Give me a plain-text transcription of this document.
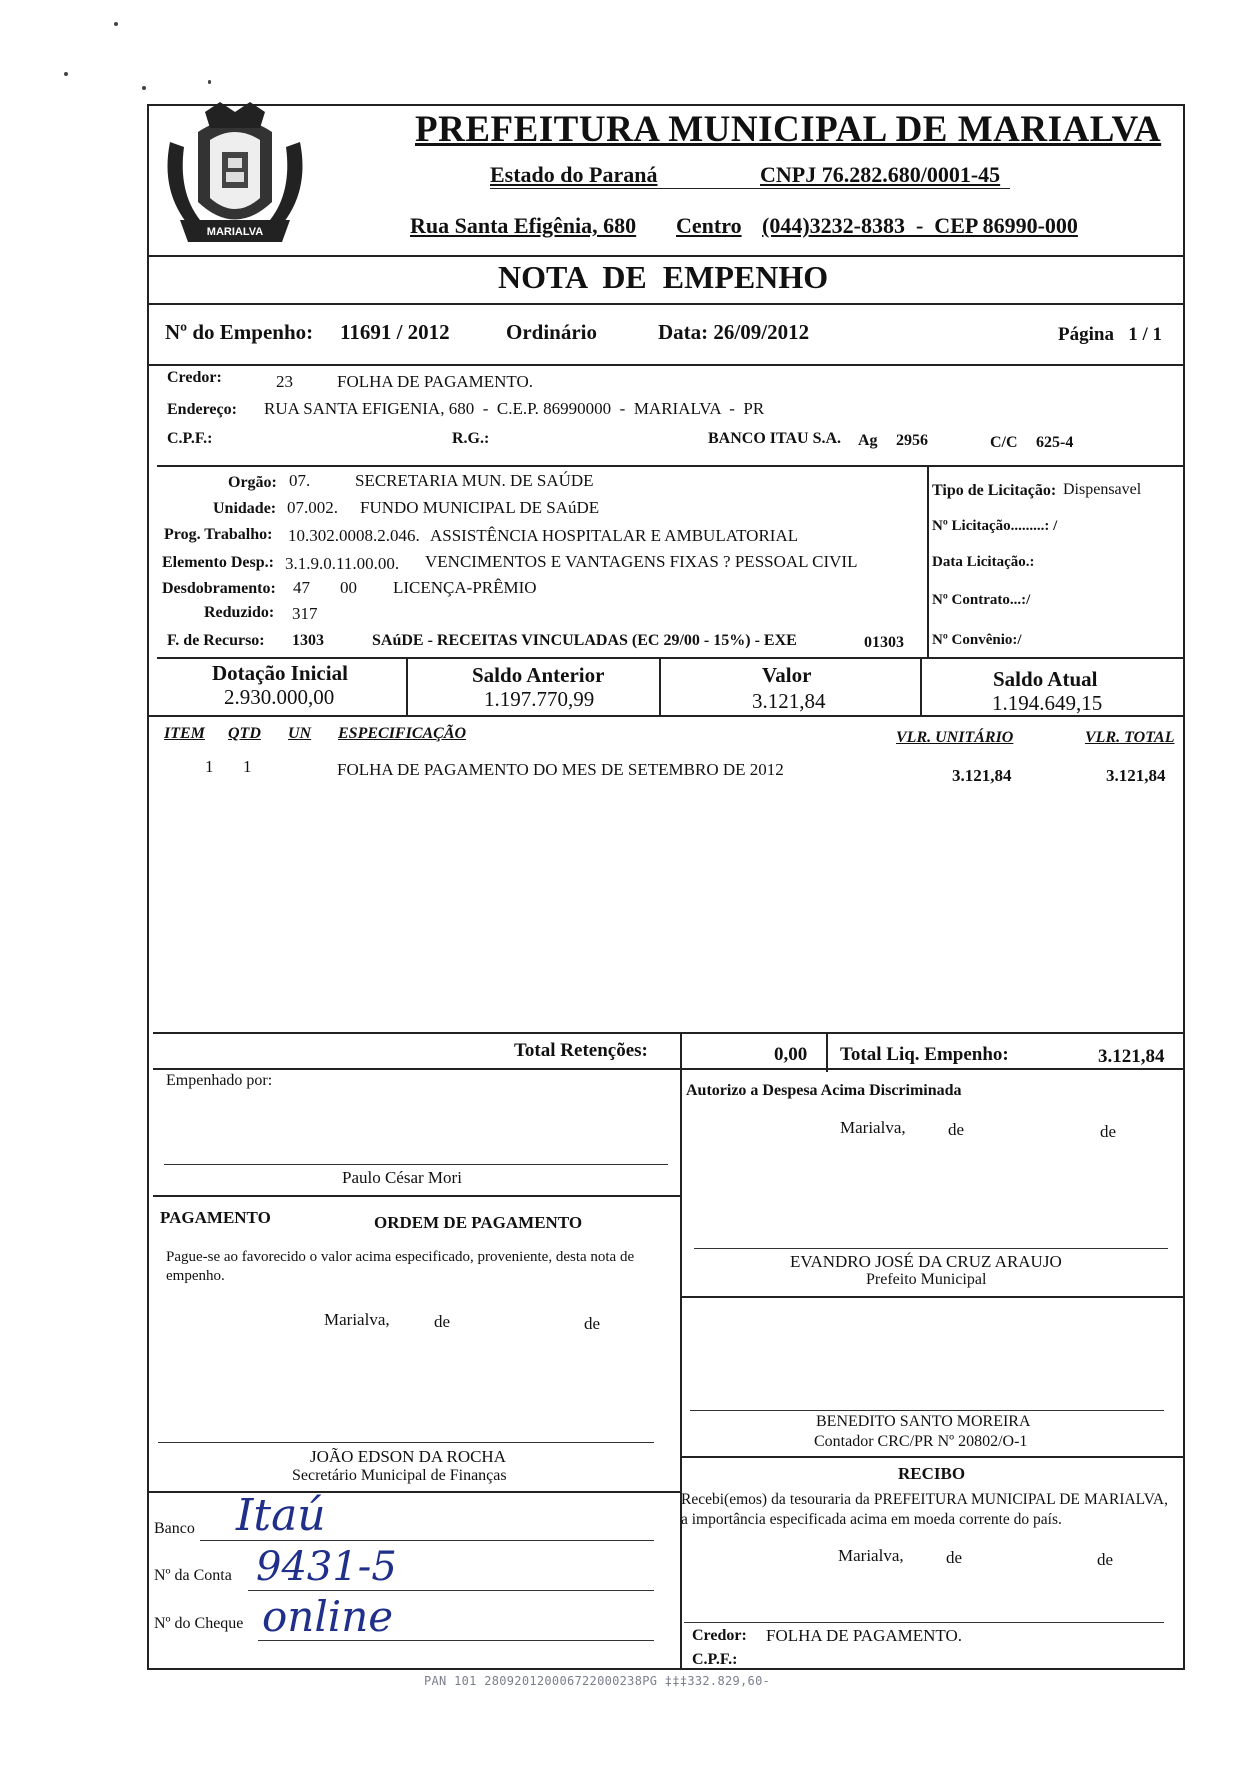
MARIALVA
PREFEITURA MUNICIPAL DE MARIALVA
Estado do Paraná	CNPJ 76.282.680/0001-45
Rua Santa Efigênia, 680 Centro (044)3232-8383  -  CEP 86990-000
NOTA  DE  EMPENHO
Nº do Empenho: 11691 / 2012	Ordinário	Data: 26/09/2012	Página   1 / 1
Credor:	23	FOLHA DE PAGAMENTO.
Endereço: RUA SANTA EFIGENIA, 680  -  C.E.P. 86990000  -  MARIALVA  -  PR
C.P.F.:	R.G.:	BANCO ITAU S.A. Ag 2956	C/C 625-4
Orgão: 07.	SECRETARIA MUN. DE SAÚDE
Unidade: 07.002. FUNDO MUNICIPAL DE SAúDE
Prog. Trabalho: 10.302.0008.2.046. ASSISTÊNCIA HOSPITALAR E AMBULATORIAL
Elemento Desp.: 3.1.9.0.11.00.00. VENCIMENTOS E VANTAGENS FIXAS ? PESSOAL CIVIL
Desdobramento: 47 00 LICENÇA-PRÊMIO
Reduzido: 317
F. de Recurso: 1303	SAúDE - RECEITAS VINCULADAS (EC 29/00 - 15%) - EXE	01303
Tipo de Licitação: Dispensavel
Nº Licitação.........: /
Data Licitação.:
Nº Contrato...:/
Nº Convênio:/
Dotação Inicial
2.930.000,00
Saldo Anterior
1.197.770,99
Valor
3.121,84
Saldo Atual
1.194.649,15
ITEM QTD UN ESPECIFICAÇÃO	VLR. UNITÁRIO	VLR. TOTAL
1 1	FOLHA DE PAGAMENTO DO MES DE SETEMBRO DE 2012	3.121,84	3.121,84
Total Retenções:	0,00 Total Liq. Empenho:	3.121,84
Empenhado por:
Paulo César Mori
Autorizo a Despesa Acima Discriminada
Marialva, de	de
EVANDRO JOSÉ DA CRUZ ARAUJO
Prefeito Municipal
PAGAMENTO	ORDEM DE PAGAMENTO
Pague-se ao favorecido o valor acima especificado, proveniente, desta nota de empenho.
Marialva,	de	de
JOÃO EDSON DA ROCHA
Secretário Municipal de Finanças
BENEDITO SANTO MOREIRA
Contador CRC/PR Nº 20802/O-1
RECIBO
Recebi(emos) da tesouraria da PREFEITURA MUNICIPAL DE MARIALVA, a importância especificada acima em moeda corrente do país.
Marialva, de	de
Credor: FOLHA DE PAGAMENTO.
C.P.F.:
Banco Itaú
Nº da Conta 9431-5
Nº do Cheque online
PAN 101 280920120006722000238PG ‡‡‡332.829,60-
